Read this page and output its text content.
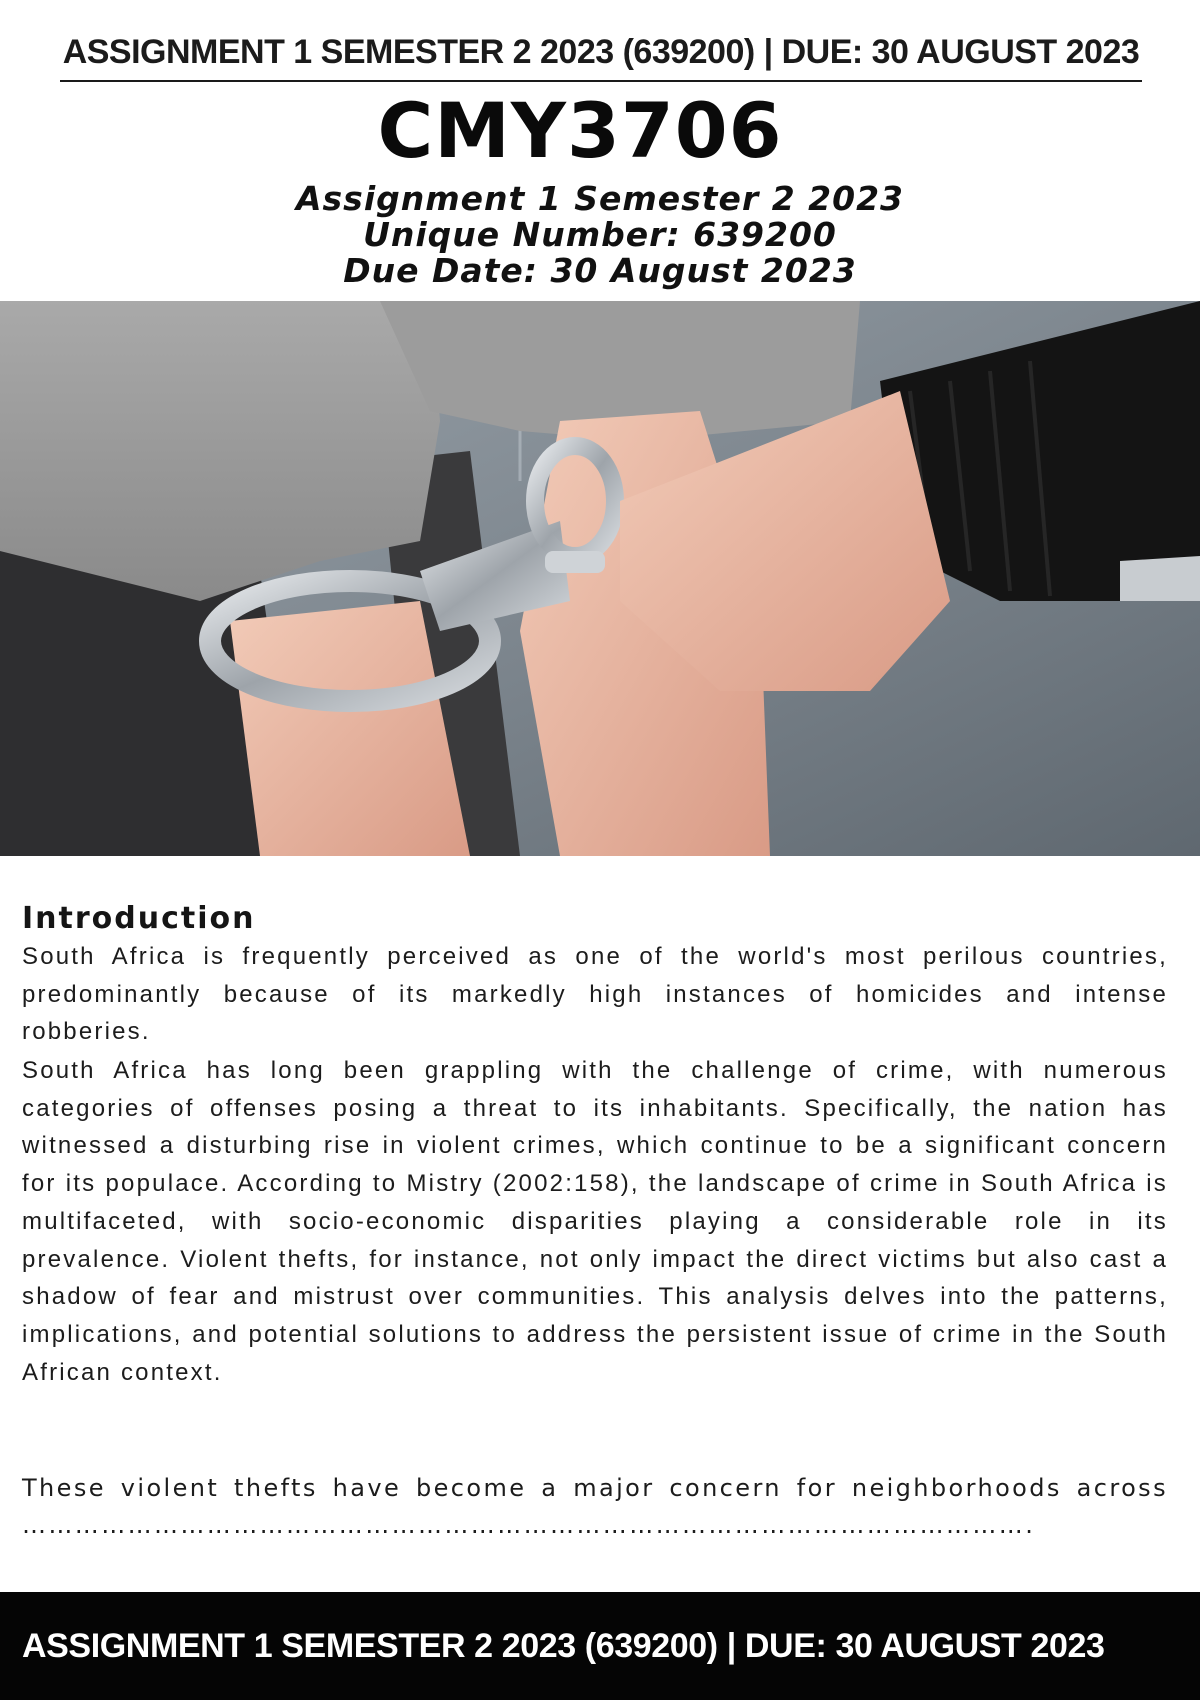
ASSIGNMENT 1 SEMESTER 2 2023 (639200) | DUE: 30 AUGUST 2023
CMY3706
Assignment 1 Semester 2 2023
Unique Number: 639200
Due Date: 30 August 2023
Introduction

South Africa is frequently perceived as one of the world's most perilous countries, predominantly because of its markedly high instances of homicides and intense robberies.

South Africa has long been grappling with the challenge of crime, with numerous categories of offenses posing a threat to its inhabitants. Specifically, the nation has witnessed a disturbing rise in violent crimes, which continue to be a significant concern for its populace. According to Mistry (2002:158), the landscape of crime in South Africa is multifaceted, with socio-economic disparities playing a considerable role in its prevalence. Violent thefts, for instance, not only impact the direct victims but also cast a shadow of fear and mistrust over communities. This analysis delves into the patterns, implications, and potential solutions to address the persistent issue of crime in the South African context.

These violent thefts have become a major concern for neighborhoods across …………………………………………………………………………………………………….

ASSIGNMENT 1 SEMESTER 2 2023 (639200) | DUE: 30 AUGUST 2023
